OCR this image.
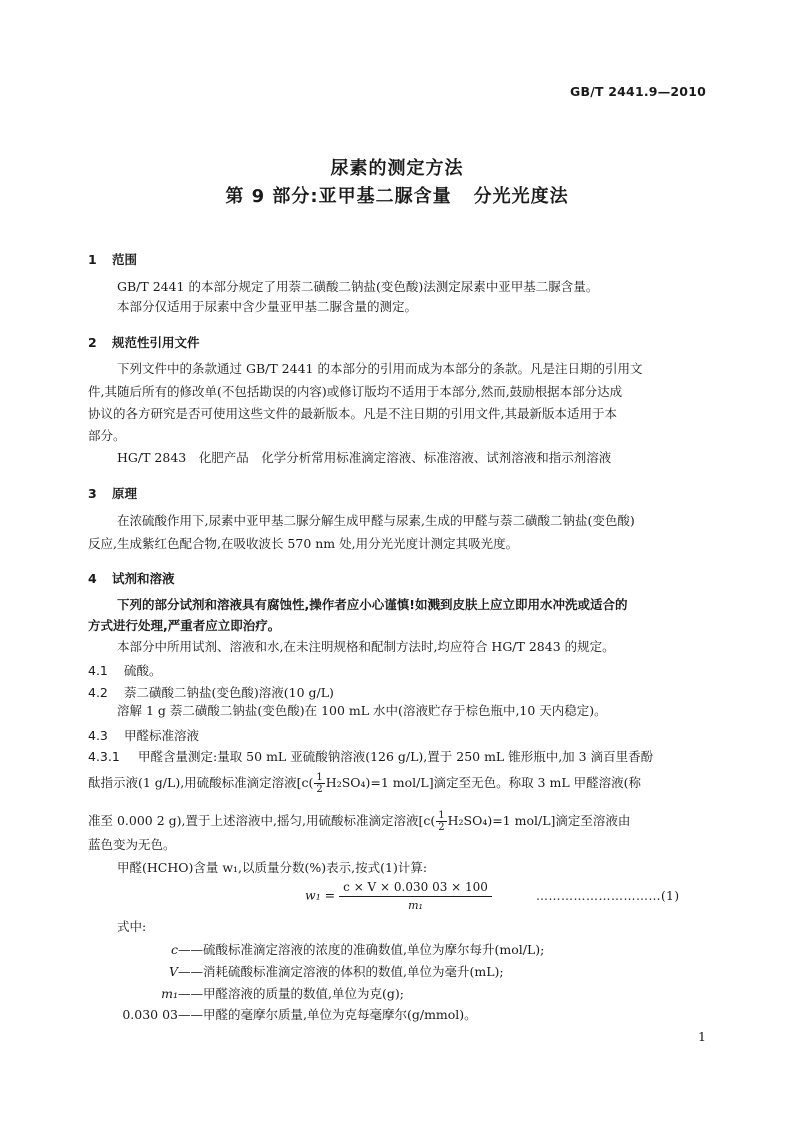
GB/T 2441.9—2010
尿素的测定方法
第 9 部分:亚甲基二脲含量 分光光度法
1 范围
GB/T 2441 的本部分规定了用萘二磺酸二钠盐(变色酸)法测定尿素中亚甲基二脲含量。
本部分仅适用于尿素中含少量亚甲基二脲含量的测定。
2 规范性引用文件
下列文件中的条款通过 GB/T 2441 的本部分的引用而成为本部分的条款。凡是注日期的引用文
件,其随后所有的修改单(不包括勘误的内容)或修订版均不适用于本部分,然而,鼓励根据本部分达成
协议的各方研究是否可使用这些文件的最新版本。凡是不注日期的引用文件,其最新版本适用于本
部分。
HG/T 2843　化肥产品　化学分析常用标准滴定溶液、标准溶液、试剂溶液和指示剂溶液
3 原理
在浓硫酸作用下,尿素中亚甲基二脲分解生成甲醛与尿素,生成的甲醛与萘二磺酸二钠盐(变色酸)
反应,生成紫红色配合物,在吸收波长 570 nm 处,用分光光度计测定其吸光度。
4 试剂和溶液
下列的部分试剂和溶液具有腐蚀性,操作者应小心谨慎!如溅到皮肤上应立即用水冲洗或适合的
方式进行处理,严重者应立即治疗。
本部分中所用试剂、溶液和水,在未注明规格和配制方法时,均应符合 HG/T 2843 的规定。
4.1 硫酸。
4.2 萘二磺酸二钠盐(变色酸)溶液(10 g/L)
溶解 1 g 萘二磺酸二钠盐(变色酸)在 100 mL 水中(溶液贮存于棕色瓶中,10 天内稳定)。
4.3 甲醛标准溶液
4.3.1 甲醛含量测定:量取 50 mL 亚硫酸钠溶液(126 g/L),置于 250 mL 锥形瓶中,加 3 滴百里香酚
酞指示液(1 g/L),用硫酸标准滴定溶液[$c( \frac{1}{2} H_2SO_4)=1$ mol/L]滴定至无色。称取 3 mL 甲醛溶液(称
准至 0.000 2 g),置于上述溶液中,摇匀,用硫酸标准滴定溶液[$c( \frac{1}{2} H_2SO_4)=1$ mol/L]滴定至溶液由
蓝色变为无色。
甲醛(HCHO)含量 w₁,以质量分数(%)表示,按式(1)计算:
$w_1 = \frac{c \times V \times 0.030 03 \times 100}{\text{m₁}}$	…………………………(1)
式中:
c——硫酸标准滴定溶液的浓度的准确数值,单位为摩尔每升(mol/L);
V——消耗硫酸标准滴定溶液的体积的数值,单位为毫升(mL);
m₁——甲醛溶液的质量的数值,单位为克(g);
0.030 03——甲醛的毫摩尔质量,单位为克每毫摩尔(g/mmol)。
1
